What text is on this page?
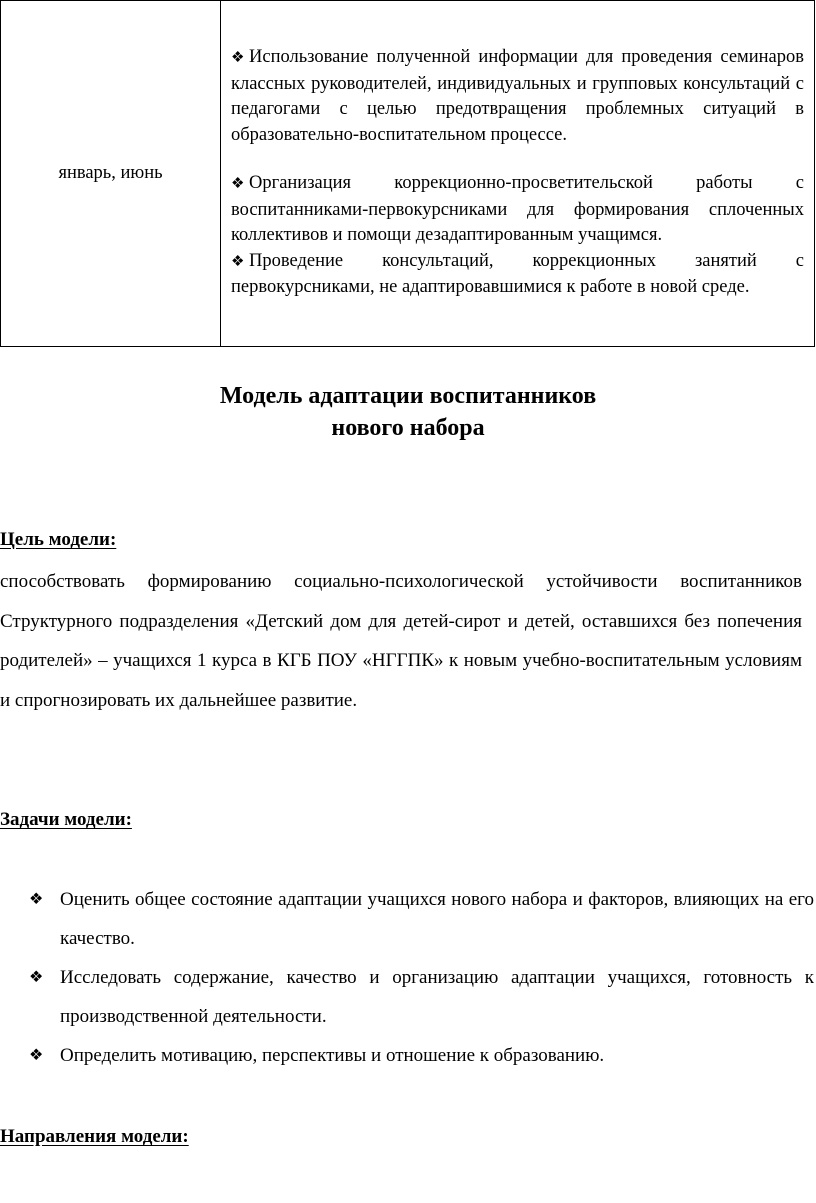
январь, июнь	

❖ Использование полученной информации для проведения семинаров классных руководителей, индивидуальных и групповых консультаций с педагогами с целью предотвращения проблемных ситуаций в образовательно-воспитательном процессе.

❖ Организация коррекционно-просветительской работы с воспитанниками-первокурсниками для формирования сплоченных коллективов и помощи дезадаптированным учащимся.

❖ Проведение консультаций, коррекционных занятий с первокурсниками, не адаптировавшимися к работе в новой среде.

Модель адаптации воспитанников
нового набора
Цель модели:
способствовать формированию социально-психологической устойчивости воспитанников Структурного подразделения «Детский дом для детей-сирот и детей, оставшихся без попечения родителей» – учащихся 1 курса в КГБ ПОУ «НГГПК» к новым учебно-воспитательным условиям и спрогнозировать их дальнейшее развитие.
Задачи модели:
❖ Оценить общее состояние адаптации учащихся нового набора и факторов, влияющих на его качество.
❖ Исследовать содержание, качество и организацию адаптации учащихся, готовность к производственной деятельности.
❖ Определить мотивацию, перспективы и отношение к образованию.
Направления модели:
